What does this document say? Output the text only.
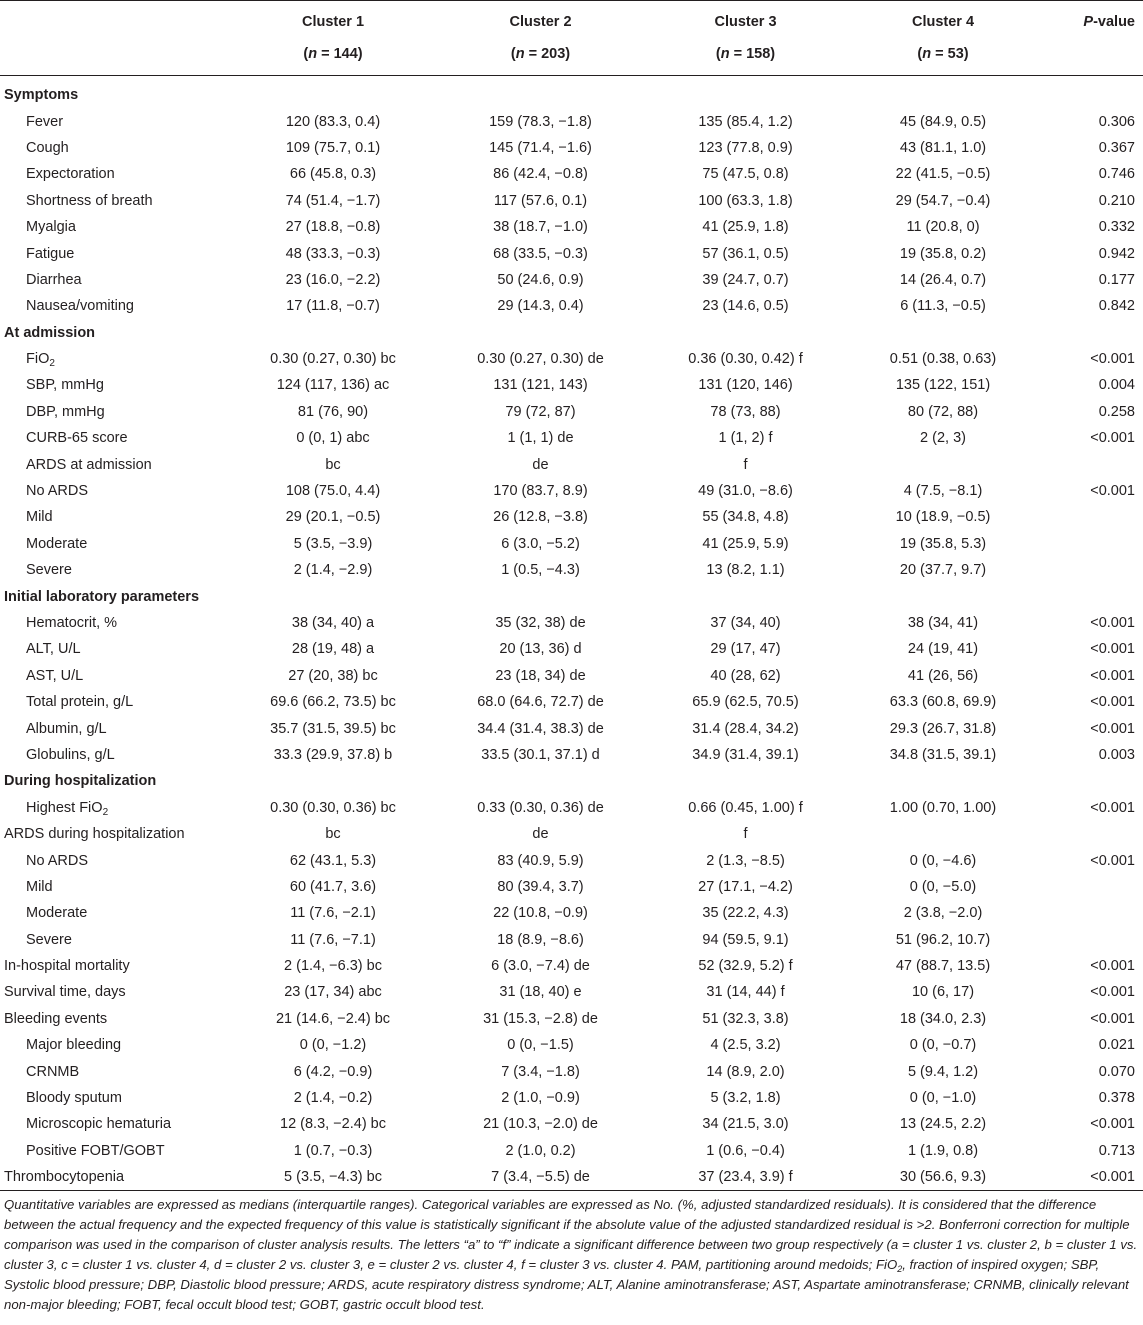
	Cluster 1	Cluster 2	Cluster 3	Cluster 4	P-value
	(n = 144)	(n = 203)	(n = 158)	(n = 53)	
Symptoms					
Fever	120 (83.3, 0.4)	159 (78.3, −1.8)	135 (85.4, 1.2)	45 (84.9, 0.5)	0.306
Cough	109 (75.7, 0.1)	145 (71.4, −1.6)	123 (77.8, 0.9)	43 (81.1, 1.0)	0.367
Expectoration	66 (45.8, 0.3)	86 (42.4, −0.8)	75 (47.5, 0.8)	22 (41.5, −0.5)	0.746
Shortness of breath	74 (51.4, −1.7)	117 (57.6, 0.1)	100 (63.3, 1.8)	29 (54.7, −0.4)	0.210
Myalgia	27 (18.8, −0.8)	38 (18.7, −1.0)	41 (25.9, 1.8)	11 (20.8, 0)	0.332
Fatigue	48 (33.3, −0.3)	68 (33.5, −0.3)	57 (36.1, 0.5)	19 (35.8, 0.2)	0.942
Diarrhea	23 (16.0, −2.2)	50 (24.6, 0.9)	39 (24.7, 0.7)	14 (26.4, 0.7)	0.177
Nausea/vomiting	17 (11.8, −0.7)	29 (14.3, 0.4)	23 (14.6, 0.5)	6 (11.3, −0.5)	0.842
At admission					
FiO$_2$	0.30 (0.27, 0.30) bc	0.30 (0.27, 0.30) de	0.36 (0.30, 0.42) f	0.51 (0.38, 0.63)	<0.001
SBP, mmHg	124 (117, 136) ac	131 (121, 143)	131 (120, 146)	135 (122, 151)	0.004
DBP, mmHg	81 (76, 90)	79 (72, 87)	78 (73, 88)	80 (72, 88)	0.258
CURB-65 score	0 (0, 1) abc	1 (1, 1) de	1 (1, 2) f	2 (2, 3)	<0.001
ARDS at admission	bc	de	f		
No ARDS	108 (75.0, 4.4)	170 (83.7, 8.9)	49 (31.0, −8.6)	4 (7.5, −8.1)	<0.001
Mild	29 (20.1, −0.5)	26 (12.8, −3.8)	55 (34.8, 4.8)	10 (18.9, −0.5)	
Moderate	5 (3.5, −3.9)	6 (3.0, −5.2)	41 (25.9, 5.9)	19 (35.8, 5.3)	
Severe	2 (1.4, −2.9)	1 (0.5, −4.3)	13 (8.2, 1.1)	20 (37.7, 9.7)	
Initial laboratory parameters					
Hematocrit, %	38 (34, 40) a	35 (32, 38) de	37 (34, 40)	38 (34, 41)	<0.001
ALT, U/L	28 (19, 48) a	20 (13, 36) d	29 (17, 47)	24 (19, 41)	<0.001
AST, U/L	27 (20, 38) bc	23 (18, 34) de	40 (28, 62)	41 (26, 56)	<0.001
Total protein, g/L	69.6 (66.2, 73.5) bc	68.0 (64.6, 72.7) de	65.9 (62.5, 70.5)	63.3 (60.8, 69.9)	<0.001
Albumin, g/L	35.7 (31.5, 39.5) bc	34.4 (31.4, 38.3) de	31.4 (28.4, 34.2)	29.3 (26.7, 31.8)	<0.001
Globulins, g/L	33.3 (29.9, 37.8) b	33.5 (30.1, 37.1) d	34.9 (31.4, 39.1)	34.8 (31.5, 39.1)	0.003
During hospitalization					
Highest FiO$_2$	0.30 (0.30, 0.36) bc	0.33 (0.30, 0.36) de	0.66 (0.45, 1.00) f	1.00 (0.70, 1.00)	<0.001
ARDS during hospitalization	bc	de	f		
No ARDS	62 (43.1, 5.3)	83 (40.9, 5.9)	2 (1.3, −8.5)	0 (0, −4.6)	<0.001
Mild	60 (41.7, 3.6)	80 (39.4, 3.7)	27 (17.1, −4.2)	0 (0, −5.0)	
Moderate	11 (7.6, −2.1)	22 (10.8, −0.9)	35 (22.2, 4.3)	2 (3.8, −2.0)	
Severe	11 (7.6, −7.1)	18 (8.9, −8.6)	94 (59.5, 9.1)	51 (96.2, 10.7)	
In-hospital mortality	2 (1.4, −6.3) bc	6 (3.0, −7.4) de	52 (32.9, 5.2) f	47 (88.7, 13.5)	<0.001
Survival time, days	23 (17, 34) abc	31 (18, 40) e	31 (14, 44) f	10 (6, 17)	<0.001
Bleeding events	21 (14.6, −2.4) bc	31 (15.3, −2.8) de	51 (32.3, 3.8)	18 (34.0, 2.3)	<0.001
Major bleeding	0 (0, −1.2)	0 (0, −1.5)	4 (2.5, 3.2)	0 (0, −0.7)	0.021
CRNMB	6 (4.2, −0.9)	7 (3.4, −1.8)	14 (8.9, 2.0)	5 (9.4, 1.2)	0.070
Bloody sputum	2 (1.4, −0.2)	2 (1.0, −0.9)	5 (3.2, 1.8)	0 (0, −1.0)	0.378
Microscopic hematuria	12 (8.3, −2.4) bc	21 (10.3, −2.0) de	34 (21.5, 3.0)	13 (24.5, 2.2)	<0.001
Positive FOBT/GOBT	1 (0.7, −0.3)	2 (1.0, 0.2)	1 (0.6, −0.4)	1 (1.9, 0.8)	0.713
Thrombocytopenia	5 (3.5, −4.3) bc	7 (3.4, −5.5) de	37 (23.4, 3.9) f	30 (56.6, 9.3)	<0.001
Quantitative variables are expressed as medians (interquartile ranges). Categorical variables are expressed as No. (%, adjusted standardized residuals). It is considered that the difference between the actual frequency and the expected frequency of this value is statistically significant if the absolute value of the adjusted standardized residual is >2. Bonferroni correction for multiple comparison was used in the comparison of cluster analysis results. The letters “a” to “f” indicate a significant difference between two group respectively (a = cluster 1 vs. cluster 2, b = cluster 1 vs. cluster 3, c = cluster 1 vs. cluster 4, d = cluster 2 vs. cluster 3, e = cluster 2 vs. cluster 4, f = cluster 3 vs. cluster 4. PAM, partitioning around medoids; FiO$_2$, fraction of inspired oxygen; SBP, Systolic blood pressure; DBP, Diastolic blood pressure; ARDS, acute respiratory distress syndrome; ALT, Alanine aminotransferase; AST, Aspartate aminotransferase; CRNMB, clinically relevant non-major bleeding; FOBT, fecal occult blood test; GOBT, gastric occult blood test.
